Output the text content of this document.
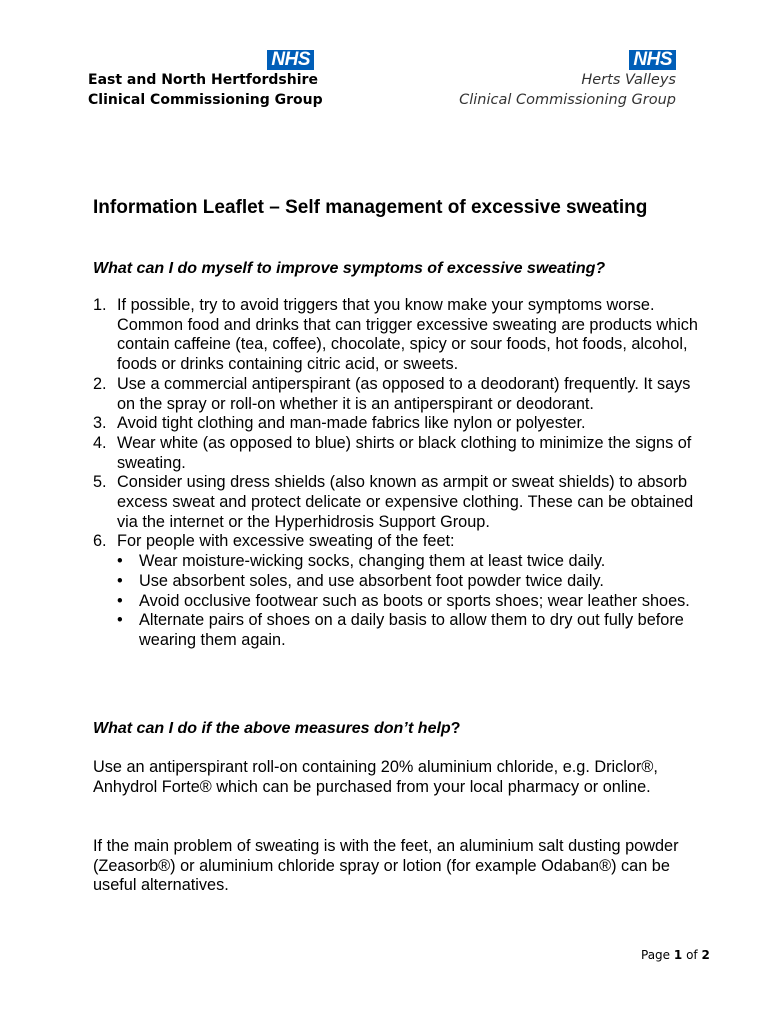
NHS
East and North Hertfordshire
Clinical Commissioning Group
NHS
Herts Valleys
Clinical Commissioning Group
Information Leaflet – Self management of excessive sweating
What can I do myself to improve symptoms of excessive sweating?
1. If possible, try to avoid triggers that you know make your symptoms worse. Common food and drinks that can trigger excessive sweating are products which contain caffeine (tea, coffee), chocolate, spicy or sour foods, hot foods, alcohol, foods or drinks containing citric acid, or sweets.
2. Use a commercial antiperspirant (as opposed to a deodorant) frequently. It says on the spray or roll-on whether it is an antiperspirant or deodorant.
3. Avoid tight clothing and man-made fabrics like nylon or polyester.
4. Wear white (as opposed to blue) shirts or black clothing to minimize the signs of sweating.
5. Consider using dress shields (also known as armpit or sweat shields) to absorb excess sweat and protect delicate or expensive clothing. These can be obtained via the internet or the Hyperhidrosis Support Group.
6. For people with excessive sweating of the feet:
• Wear moisture-wicking socks, changing them at least twice daily.
• Use absorbent soles, and use absorbent foot powder twice daily.
• Avoid occlusive footwear such as boots or sports shoes; wear leather shoes.
• Alternate pairs of shoes on a daily basis to allow them to dry out fully before wearing them again.
What can I do if the above measures don’t help?

Use an antiperspirant roll-on containing 20% aluminium chloride, e.g. Driclor®, Anhydrol Forte® which can be purchased from your local pharmacy or online.

If the main problem of sweating is with the feet, an aluminium salt dusting powder (Zeasorb®) or aluminium chloride spray or lotion (for example Odaban®) can be useful alternatives.

Page 1 of 2
